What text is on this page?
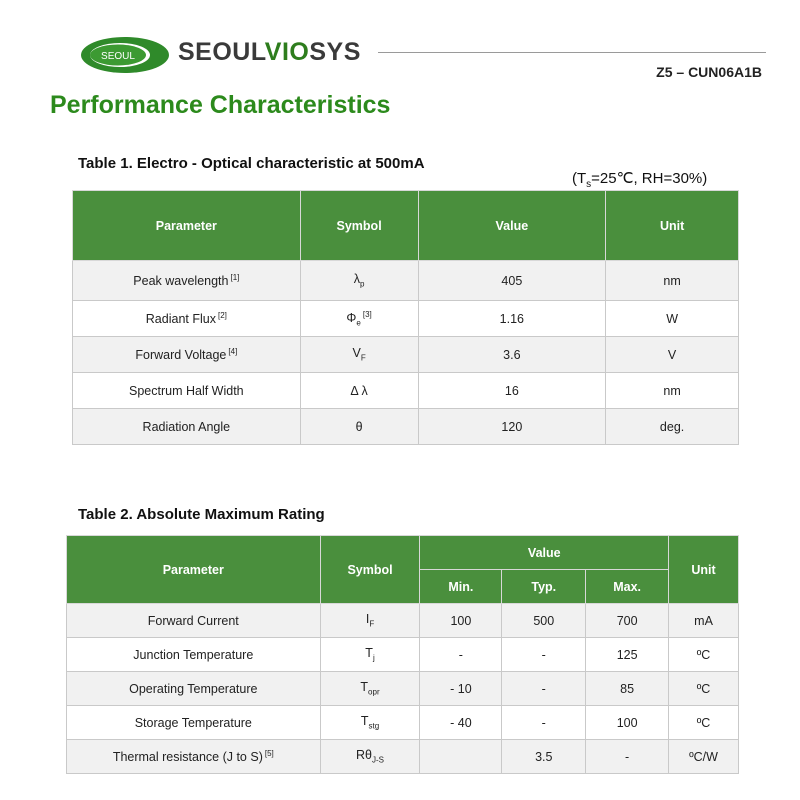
SEOUL SEOULVIOSYS
Z5 – CUN06A1B
Performance Characteristics
Table 1. Electro - Optical characteristic at 500mA
($T_s=25℃$, RH=30%)
Parameter	Symbol	Value	Unit
Peak wavelength [1]	$\lambda_p$	405	nm
Radiant Flux [2]	$\Phi_e[3]$	1.16	W
Forward Voltage [4]	$V_F$	3.6	V
Spectrum Half Width	Δ λ	16	nm
Radiation Angle	θ	120	deg.
Table 2. Absolute Maximum Rating
Parameter	Symbol	Value			Unit
		Min.	Typ.	Max.	
Forward Current	$I_F$	100	500	700	mA
Junction Temperature	$T_j$	-	-	125	ºC
Operating Temperature	$T_{opr}$	- 10	-	85	ºC
Storage Temperature	$T_{stg}$	- 40	-	100	ºC
Thermal resistance (J to S) [5]	$R\theta_{J-S}$		3.5	-	ºC/W
